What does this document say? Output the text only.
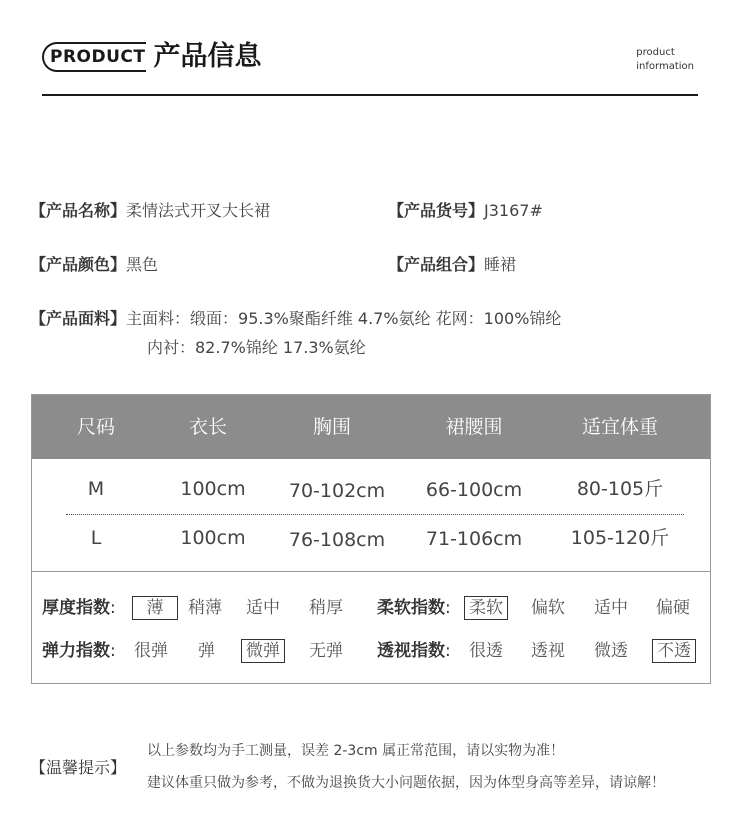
PRODUCT 产品信息	product
information
【产品名称】柔情法式开叉大长裙	【产品货号】J3167#
【产品颜色】黑色	【产品组合】睡裙
【产品面料】主面料：缎面：95.3%聚酯纤维 4.7%氨纶 花网：100%锦纶
内衬：82.7%锦纶 17.3%氨纶
尺码	衣长	胸围	裙腰围	适宜体重
M	100cm	70-102cm	66-100cm	80-105斤
L	100cm	76-108cm	71-106cm	105-120斤
厚度指数:	薄	稍薄 适中 稍厚 柔软指数: 柔软 偏软 适中 偏硬
弹力指数: 很弹 弹 微弹 无弹 透视指数: 很透 透视 微透 不透
【温馨提示】
以上参数均为手工测量，误差 2-3cm 属正常范围，请以实物为准！
建议体重只做为参考，不做为退换货大小问题依据，因为体型身高等差异，请谅解！
